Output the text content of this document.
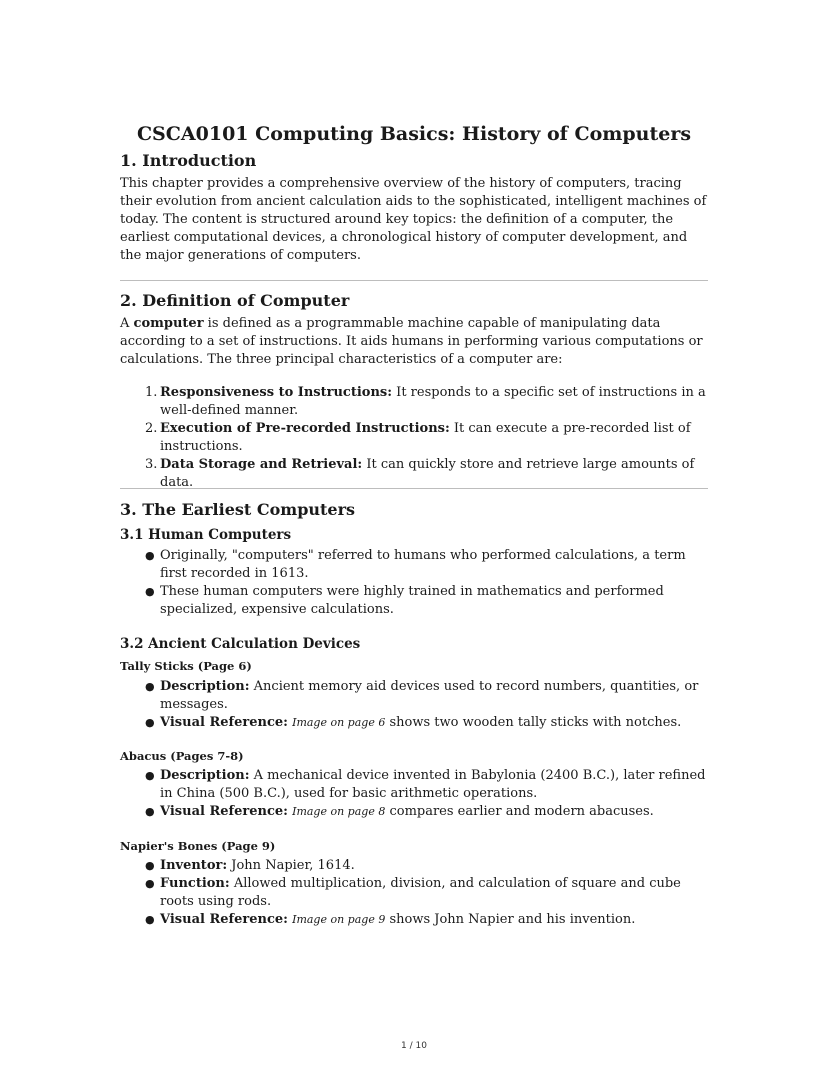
CSCA0101 Computing Basics: History of Computers
1. Introduction

This chapter provides a comprehensive overview of the history of computers, tracing their evolution from ancient calculation aids to the sophisticated, intelligent machines of today. The content is structured around key topics: the definition of a computer, the earliest computational devices, a chronological history of computer development, and the major generations of computers.

2. Definition of Computer

A computer is defined as a programmable machine capable of manipulating data according to a set of instructions. It aids humans in performing various computations or calculations. The three principal characteristics of a computer are:

1. Responsiveness to Instructions: It responds to a specific set of instructions in a well-defined manner.
2. Execution of Pre-recorded Instructions: It can execute a pre-recorded list of instructions.
3. Data Storage and Retrieval: It can quickly store and retrieve large amounts of data.
3. The Earliest Computers
3.1 Human Computers
● Originally, "computers" referred to humans who performed calculations, a term first recorded in 1613.
● These human computers were highly trained in mathematics and performed specialized, expensive calculations.
3.2 Ancient Calculation Devices
Tally Sticks (Page 6)
● Description: Ancient memory aid devices used to record numbers, quantities, or messages.
● Visual Reference: Image on page 6 shows two wooden tally sticks with notches.
Abacus (Pages 7-8)
● Description: A mechanical device invented in Babylonia (2400 B.C.), later refined in China (500 B.C.), used for basic arithmetic operations.
● Visual Reference: Image on page 8 compares earlier and modern abacuses.
Napier's Bones (Page 9)
● Inventor: John Napier, 1614.
● Function: Allowed multiplication, division, and calculation of square and cube roots using rods.
● Visual Reference: Image on page 9 shows John Napier and his invention.
1 / 10
